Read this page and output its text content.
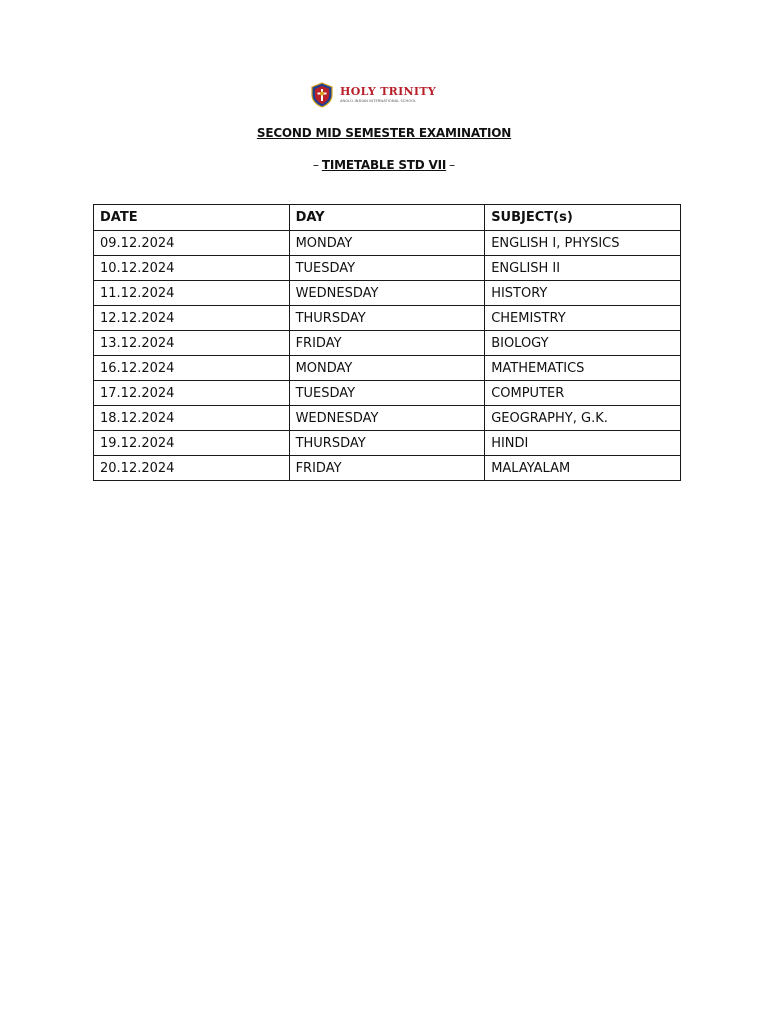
HOLY TRINITY
ANGLO-INDIAN INTERNATIONAL SCHOOL
SECOND MID SEMESTER EXAMINATION
– TIMETABLE STD VII –
DATE	DAY	SUBJECT(s)
09.12.2024	MONDAY	ENGLISH I, PHYSICS
10.12.2024	TUESDAY	ENGLISH II
11.12.2024	WEDNESDAY	HISTORY
12.12.2024	THURSDAY	CHEMISTRY
13.12.2024	FRIDAY	BIOLOGY
16.12.2024	MONDAY	MATHEMATICS
17.12.2024	TUESDAY	COMPUTER
18.12.2024	WEDNESDAY	GEOGRAPHY, G.K.
19.12.2024	THURSDAY	HINDI
20.12.2024	FRIDAY	MALAYALAM
